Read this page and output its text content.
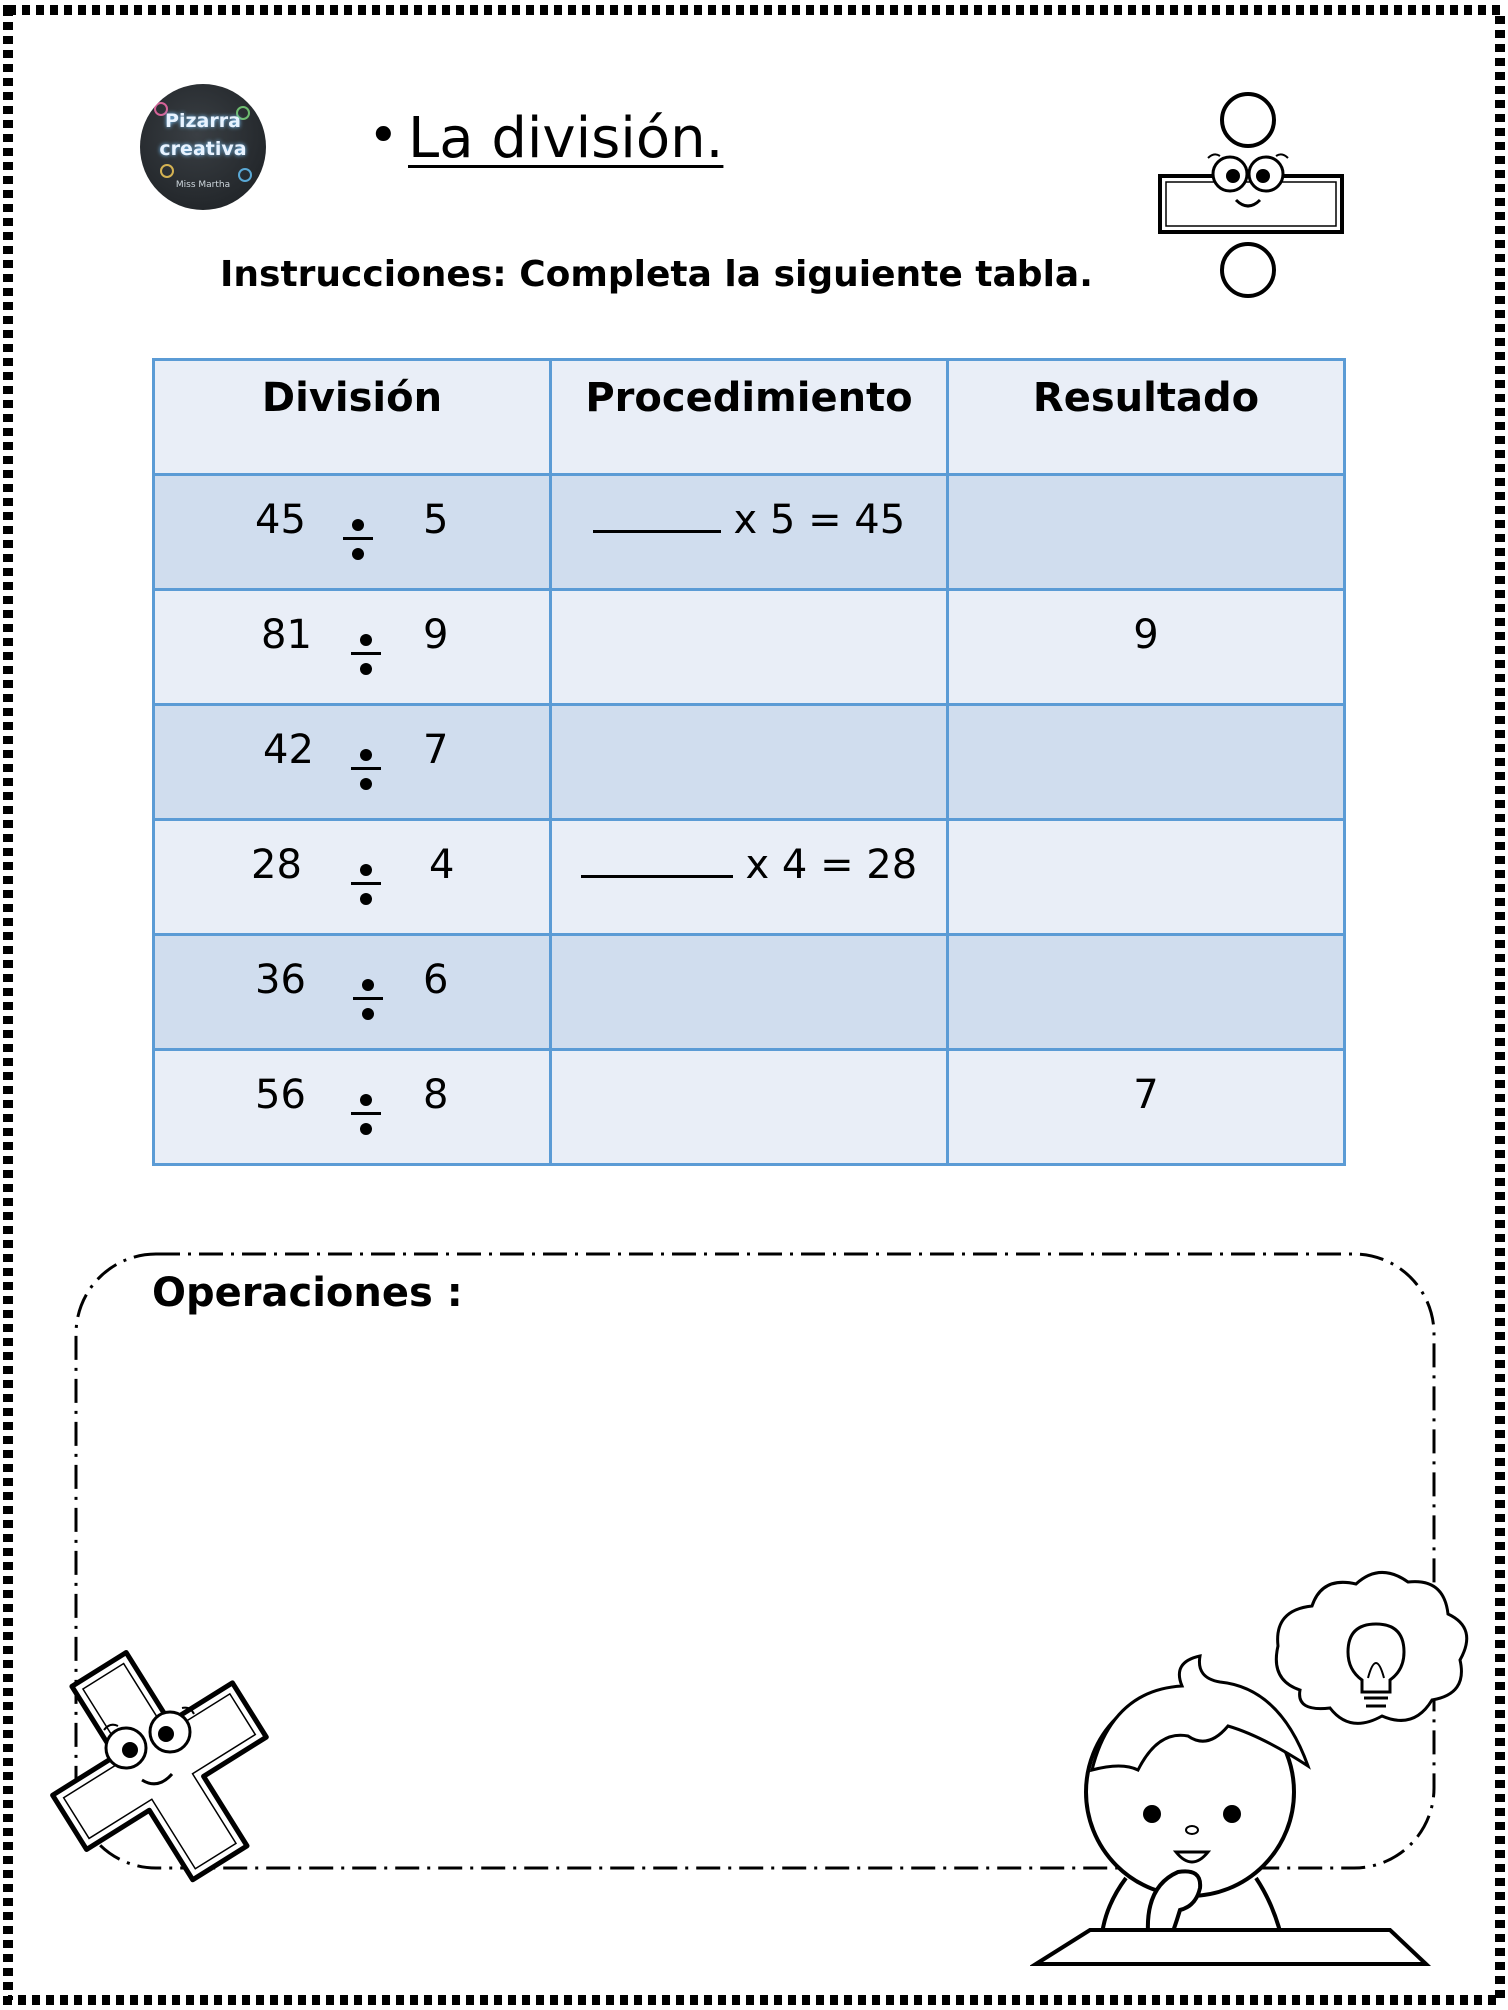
Pizarra
creativa
Miss Martha
• La división.
Instrucciones: Completa la siguiente tabla.
División	Procedimiento	Resultado

45 5	x 5 = 45	

81 9		9

42 7		

28 4	x 4 = 28	

36 6		

56 8		7
Operaciones :
